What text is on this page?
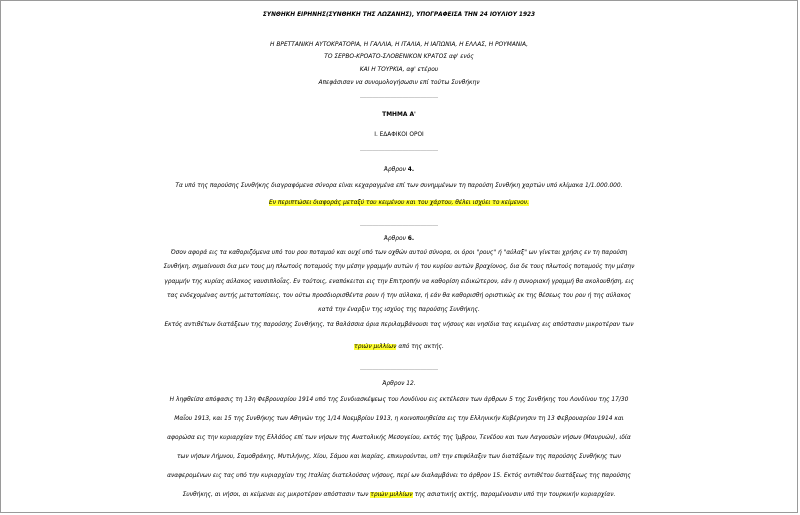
ΣΥΝΘΗΚΗ ΕΙΡΗΝΗΣ(ΣΥΝΘΗΚΗ ΤΗΣ ΛΩΖΑΝΗΣ), ΥΠΟΓΡΑΦΕΙΣΑ ΤΗΝ 24 ΙΟΥΛΙΟΥ 1923
Η ΒΡΕΤΤΑΝΙΚΗ ΑΥΤΟΚΡΑΤΟΡΙΑ, Η ΓΑΛΛΙΑ, Η ΙΤΑΛΙΑ, Η ΙΑΠΩΝΙΑ, Η ΕΛΛΑΣ, Η ΡΟΥΜΑΝΙΑ,
ΤΟ ΣΕΡΒΟ-ΚΡΟΑΤΟ-ΣΛΟΒΕΝΙΚΟΝ ΚΡΑΤΟΣ αφ' ενός
ΚΑΙ Η ΤΟΥΡΚΙΑ, αφ' ετέρου
Απεφάσισαν να συνομολογήσωσιν επί τούτω Συνθήκην
…………………………………
ΤΜΗΜΑ Α'
Ι. ΕΔΑΦΙΚΟΙ ΟΡΟΙ
…………………………………
Άρθρον 4.
Τα υπό της παρούσης Συνθήκης διαγραφόμενα σύνορα είναι κεχαραγμένα επί των συνημμένων τη παρούση Συνθήκη χαρτών υπό κλίμακα 1/1.000.000.
Εν περιπτώσει διαφοράς μεταξύ του κειμένου και του χάρτου, θέλει ισχύει το κείμενον.
…………………………………
Άρθρον 6.
Όσον αφορά εις τα καθοριζόμενα υπό του ρου ποταμού και ουχί υπό των οχθών αυτού σύνορα, οι όροι "ρους" ή "αύλαξ" ων γίνεται χρήσις εν τη παρούση
Συνθήκη, σημαίνουσι δια μεν τους μη πλωτούς ποταμούς την μέσην γραμμήν αυτών ή του κυρίου αυτών βραχίονος, δια δε τους πλωτούς ποταμούς την μέσην
γραμμήν της κυρίας αύλακος ναυσιπλοΐας. Εν τούτοις, εναπόκειται εις την Επιτροπήν να καθορίση ειδικώτερον, εάν η συνοριακή γραμμή θα ακολουθήση, εις
τας ενδεχομένας αυτής μετατοπίσεις, τον ούτω προσδιορισθέντα ρουν ή την αύλακα, ή εάν θα καθορισθή οριστικώς εκ της θέσεως του ρου ή της αύλακος
κατά την έναρξιν της ισχύος της παρούσης Συνθήκης.
Εκτός αντιθέτων διατάξεων της παρούσης Συνθήκης, τα θαλάσσια όρια περιλαμβάνουσι τας νήσους και νησίδια τας κειμένας εις απόστασιν μικροτέραν των
τριών μιλλίων από της ακτής.
…………………………………
Άρθρον 12.
Η ληφθείσα απόφασις τη 13η Φεβρουαρίου 1914 υπό της Συνδιασκέψεως του Λονδίνου εις εκτέλεσιν των άρθρων 5 της Συνθήκης του Λονδίνου της 17/30
Μαΐου 1913, και 15 της Συνθήκης των Αθηνών της 1/14 Νοεμβρίου 1913, η κοινοποιηθείσα εις την Ελληνικήν Κυβέρνησιν τη 13 Φεβρουαρίου 1914 και
αφορώσα εις την κυριαρχίαν της Ελλάδος επί των νήσων της Ανατολικής Μεσογείου, εκτός της Ίμβρου, Τενέδου και των Λαγουσών νήσων (Μαυρυών), ιδία
των νήσων Λήμνου, Σαμοθράκης, Μυτιλήνης, Χίου, Σάμου και Ικαρίας, επικυρούνται, υπ? την επιφύλαξιν των διατάξεων της παρούσης Συνθήκης των
αναφερομένων εις τας υπό την κυριαρχίαν της Ιταλίας διατελούσας νήσους, περί ων διαλαμβάνει το άρθρον 15. Εκτός αντιθέτου διατάξεως της παρούσης
Συνθήκης, αι νήσοι, αι κείμεναι εις μικροτέραν απόστασιν των τριών μιλλίων της ασιατικής ακτής, παραμένουσιν υπό την τουρκικήν κυριαρχίαν.
